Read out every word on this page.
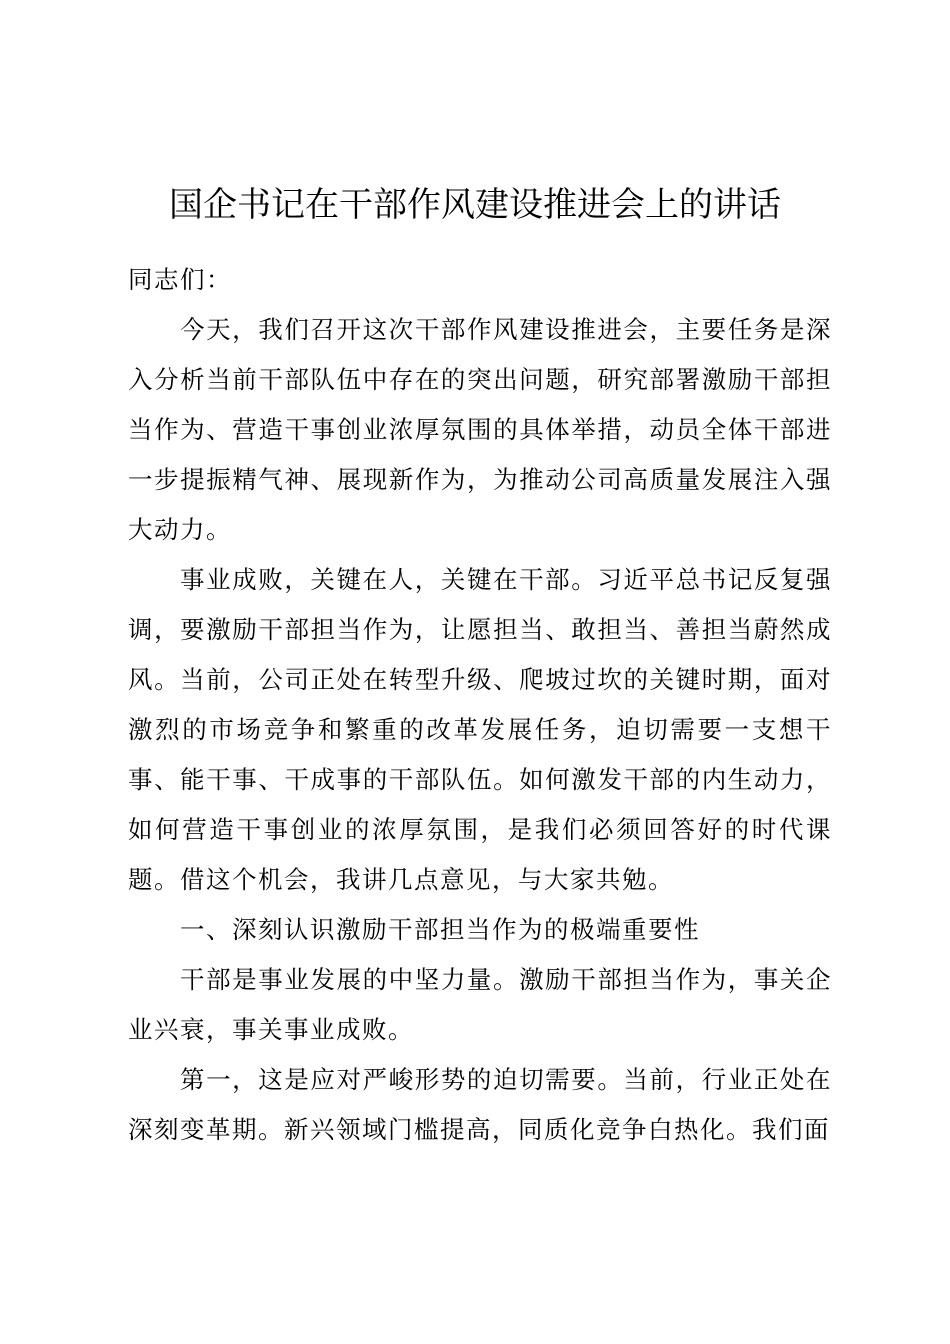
国企书记在干部作风建设推进会上的讲话

同志们：

今天，我们召开这次干部作风建设推进会，主要任务是深入分析当前干部队伍中存在的突出问题，研究部署激励干部担当作为、营造干事创业浓厚氛围的具体举措，动员全体干部进一步提振精气神、展现新作为，为推动公司高质量发展注入强大动力。

事业成败，关键在人，关键在干部。习近平总书记反复强调，要激励干部担当作为，让愿担当、敢担当、善担当蔚然成风。当前，公司正处在转型升级、爬坡过坎的关键时期，面对激烈的市场竞争和繁重的改革发展任务，迫切需要一支想干事、能干事、干成事的干部队伍。如何激发干部的内生动力，如何营造干事创业的浓厚氛围，是我们必须回答好的时代课题。借这个机会，我讲几点意见，与大家共勉。

一、深刻认识激励干部担当作为的极端重要性

干部是事业发展的中坚力量。激励干部担当作为，事关企业兴衰，事关事业成败。

第一，这是应对严峻形势的迫切需要。当前，行业正处在深刻变革期。新兴领域门槛提高，同质化竞争白热化。我们面
